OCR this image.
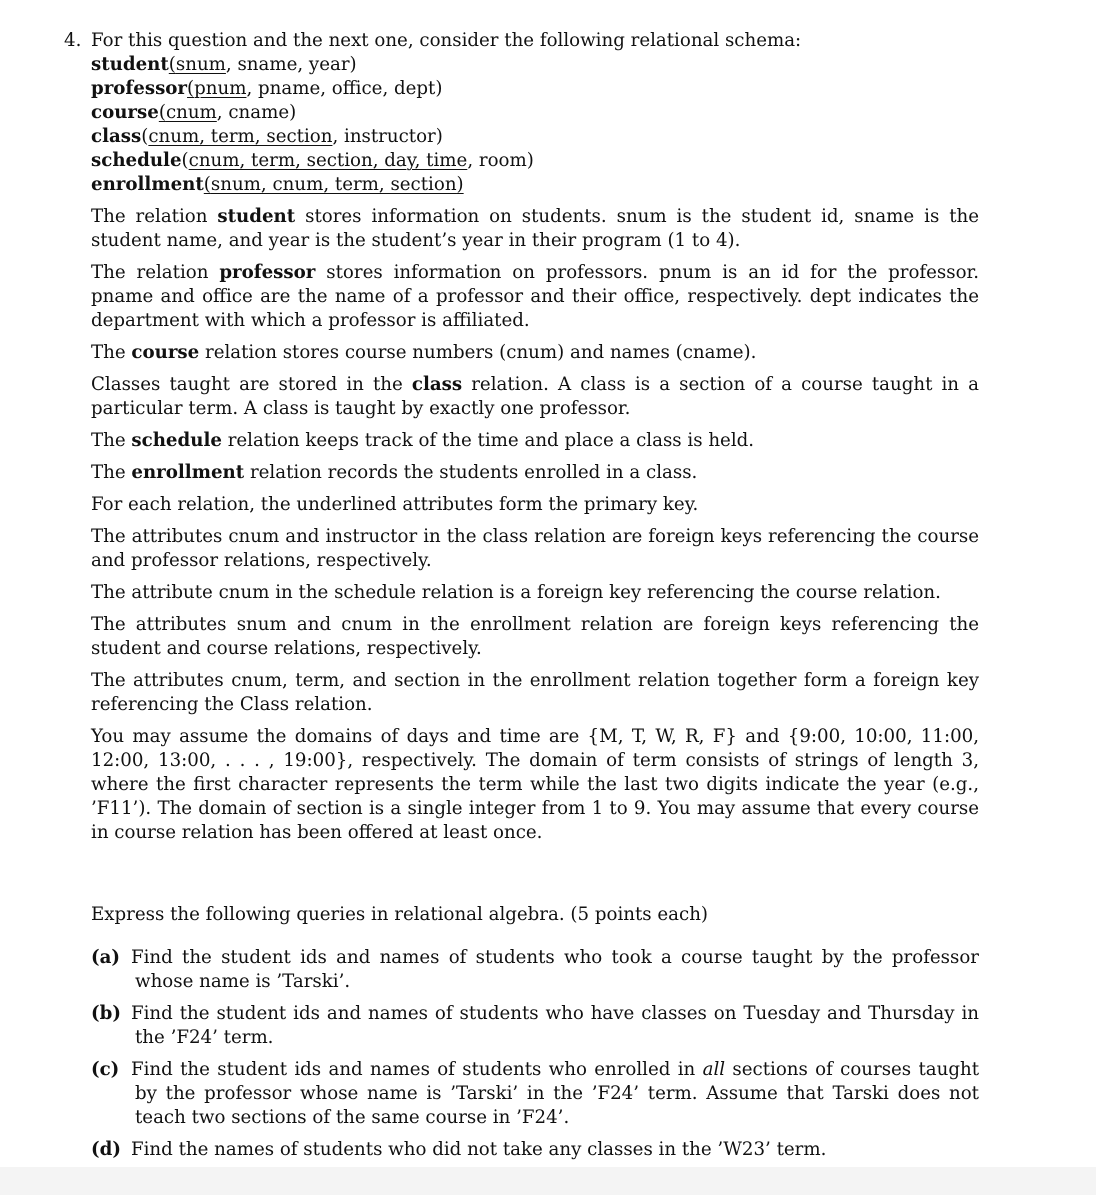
4. For this question and the next one, consider the following relational schema:
student(snum, sname, year)
professor(pnum, pname, office, dept)
course(cnum, cname)
class(cnum, term, section, instructor)
schedule(cnum, term, section, day, time, room)
enrollment(snum, cnum, term, section)

The relation student stores information on students. snum is the student id, sname is the student name, and year is the student’s year in their program (1 to 4).

The relation professor stores information on professors. pnum is an id for the professor. pname and office are the name of a professor and their office, respectively. dept indicates the department with which a professor is affiliated.

The course relation stores course numbers (cnum) and names (cname).

Classes taught are stored in the class relation. A class is a section of a course taught in a particular term. A class is taught by exactly one professor.

The schedule relation keeps track of the time and place a class is held.

The enrollment relation records the students enrolled in a class.

For each relation, the underlined attributes form the primary key.

The attributes cnum and instructor in the class relation are foreign keys referencing the course and professor relations, respectively.

The attribute cnum in the schedule relation is a foreign key referencing the course relation.

The attributes snum and cnum in the enrollment relation are foreign keys referencing the student and course relations, respectively.

The attributes cnum, term, and section in the enrollment relation together form a foreign key referencing the Class relation.

You may assume the domains of days and time are {M, T, W, R, F} and {9:00, 10:00, 11:00, 12:00, 13:00, . . . , 19:00}, respectively. The domain of term consists of strings of length 3, where the first character represents the term while the last two digits indicate the year (e.g., ’F11’). The domain of section is a single integer from 1 to 9. You may assume that every course in course relation has been offered at least once.

Express the following queries in relational algebra. (5 points each)
(a) Find the student ids and names of students who took a course taught by the professor whose name is ’Tarski’.
(b) Find the student ids and names of students who have classes on Tuesday and Thursday in the ’F24’ term.
(c) Find the student ids and names of students who enrolled in all sections of courses taught by the professor whose name is ’Tarski’ in the ’F24’ term. Assume that Tarski does not teach two sections of the same course in ’F24’.
(d) Find the names of students who did not take any classes in the ’W23’ term.
